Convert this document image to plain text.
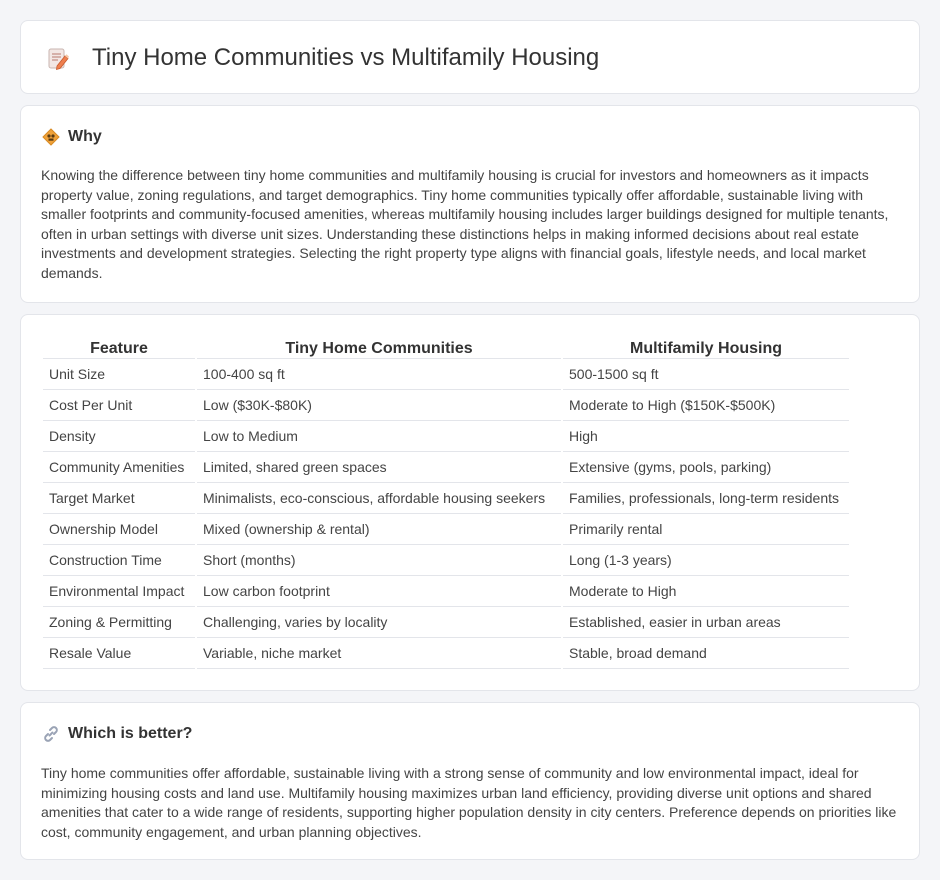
Tiny Home Communities vs Multifamily Housing
Why

Knowing the difference between tiny home communities and multifamily housing is crucial for investors and homeowners as it impacts property value, zoning regulations, and target demographics. Tiny home communities typically offer affordable, sustainable living with smaller footprints and community-focused amenities, whereas multifamily housing includes larger buildings designed for multiple tenants, often in urban settings with diverse unit sizes. Understanding these distinctions helps in making informed decisions about real estate investments and development strategies. Selecting the right property type aligns with financial goals, lifestyle needs, and local market demands.

Feature	Tiny Home Communities	Multifamily Housing
Unit Size	100-400 sq ft	500-1500 sq ft
Cost Per Unit	Low ($30K-$80K)	Moderate to High ($150K-$500K)
Density	Low to Medium	High
Community Amenities	Limited, shared green spaces	Extensive (gyms, pools, parking)
Target Market	Minimalists, eco-conscious, affordable housing seekers	Families, professionals, long-term residents
Ownership Model	Mixed (ownership & rental)	Primarily rental
Construction Time	Short (months)	Long (1-3 years)
Environmental Impact	Low carbon footprint	Moderate to High
Zoning & Permitting	Challenging, varies by locality	Established, easier in urban areas
Resale Value	Variable, niche market	Stable, broad demand
Which is better?

Tiny home communities offer affordable, sustainable living with a strong sense of community and low environmental impact, ideal for minimizing housing costs and land use. Multifamily housing maximizes urban land efficiency, providing diverse unit options and shared amenities that cater to a wide range of residents, supporting higher population density in city centers. Preference depends on priorities like cost, community engagement, and urban planning objectives.
